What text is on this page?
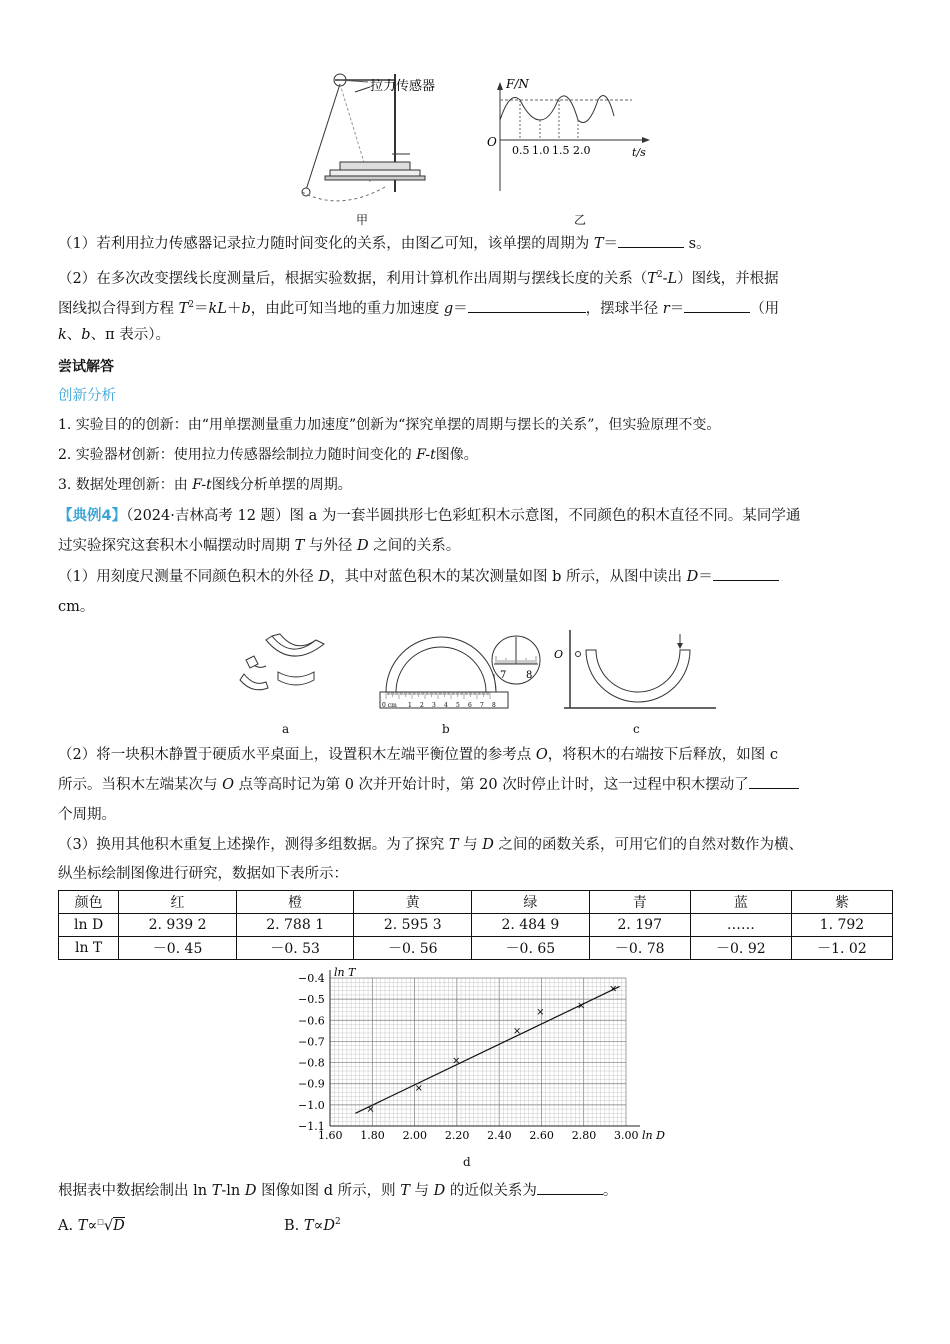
拉力传感器
甲
F/N
O
0.5 1.0 1.5 2.0	t/s
乙
（1）若利用拉力传感器记录拉力随时间变化的关系，由图乙可知，该单摆的周期为 T＝	s。
（2）在多次改变摆线长度测量后，根据实验数据，利用计算机作出周期与摆线长度的关系$(T^2-L)$图线，并根据
图线拟合得到方程 $T^2=kL+b$，由此可知当地的重力加速度 g＝	，摆球半径 r＝	（用
k、b、π 表示）。
尝试解答
创新分析
1. 实验目的的创新：由“用单摆测量重力加速度”创新为“探究单摆的周期与摆长的关系”，但实验原理不变。
2. 实验器材创新：使用拉力传感器绘制拉力随时间变化的 F-t图像。
3. 数据处理创新：由 F-t图线分析单摆的周期。
【典例4】（2024·吉林高考 12 题）图 a 为一套半圆拱形七色彩虹积木示意图，不同颜色的积木直径不同。某同学通
过实验探究这套积木小幅摆动时周期 T 与外径 D 之间的关系。
（1）用刻度尺测量不同颜色积木的外径 D，其中对蓝色积木的某次测量如图 b 所示，从图中读出 D＝
cm。
a
0 cm 1 2 3 4 5 6 7 8
7 8
b
O
c
（2）将一块积木静置于硬质水平桌面上，设置积木左端平衡位置的参考点 O，将积木的右端按下后释放，如图 c
所示。当积木左端某次与 O 点等高时记为第 0 次并开始计时，第 20 次时停止计时，这一过程中积木摆动了
个周期。
（3）换用其他积木重复上述操作，测得多组数据。为了探究 T 与 D 之间的函数关系，可用它们的自然对数作为横、
纵坐标绘制图像进行研究，数据如下表所示：
颜色	红	橙	黄	绿	青	蓝	紫
ln D	2. 939 2	2. 788 1	2. 595 3	2. 484 9	2. 197	……	1. 792
ln T	－0. 45	－0. 53	－0. 56	－0. 65	－0. 78	－0. 92	－1. 02
1.60 1.80 2.00 2.20 2.40 2.60 2.80 3.00
−0.4
−0.5
−0.6
−0.7
−0.8
−0.9
−1.0
−1.1
ln D
ln T
d
根据表中数据绘制出 ln T-ln D 图像如图 d 所示，则 T 与 D 的近似关系为	。
A. T∝□√D	B. $T\propto D^2$
